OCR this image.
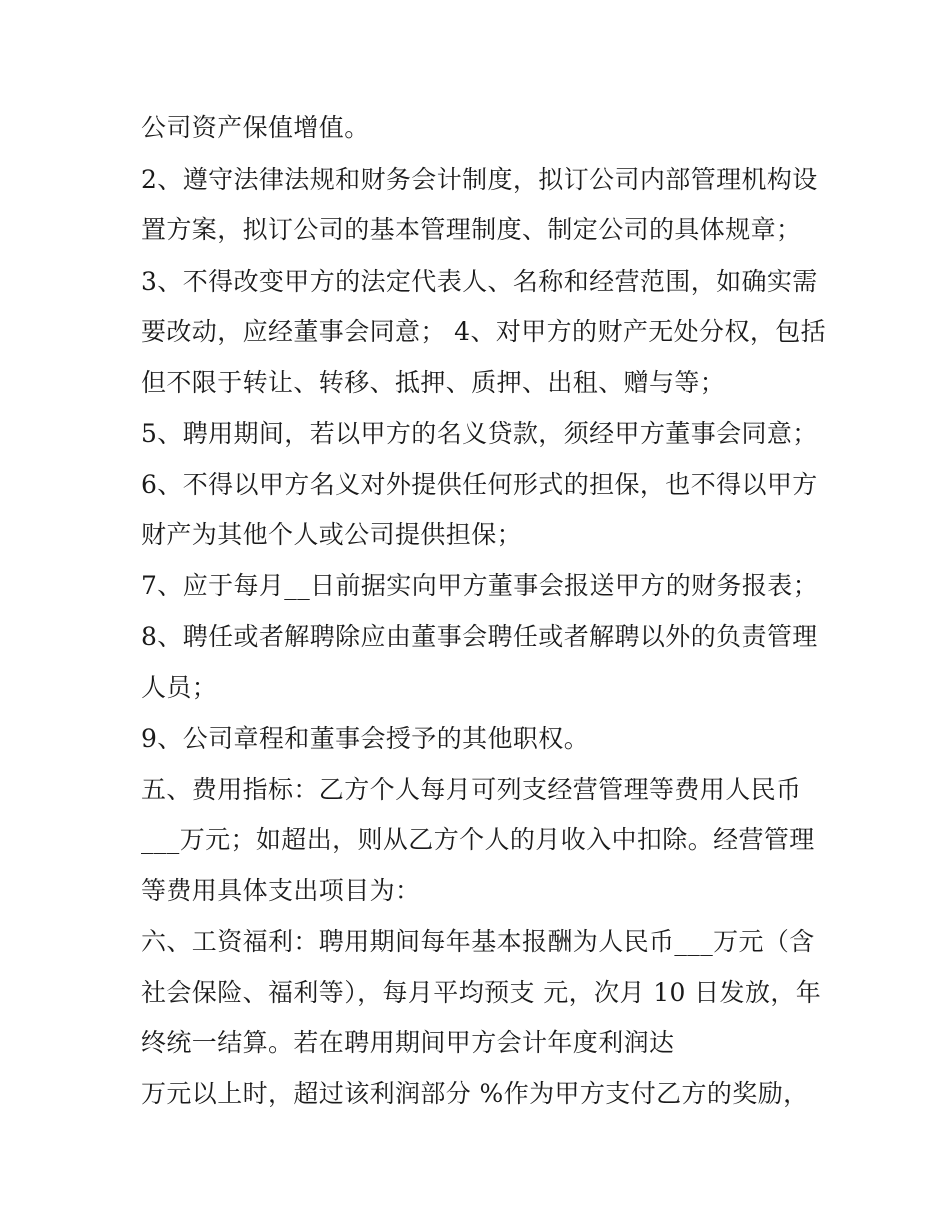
公司资产保值增值。
2、遵守法律法规和财务会计制度，拟订公司内部管理机构设
置方案，拟订公司的基本管理制度、制定公司的具体规章；
3、不得改变甲方的法定代表人、名称和经营范围，如确实需
要改动，应经董事会同意； 4、对甲方的财产无处分权，包括
但不限于转让、转移、抵押、质押、出租、赠与等；
5、聘用期间，若以甲方的名义贷款，须经甲方董事会同意；
6、不得以甲方名义对外提供任何形式的担保，也不得以甲方
财产为其他个人或公司提供担保；
7、应于每月__日前据实向甲方董事会报送甲方的财务报表；
8、聘任或者解聘除应由董事会聘任或者解聘以外的负责管理
人员；
9、公司章程和董事会授予的其他职权。
五、费用指标：乙方个人每月可列支经营管理等费用人民币
___万元；如超出，则从乙方个人的月收入中扣除。经营管理
等费用具体支出项目为：
六、工资福利：聘用期间每年基本报酬为人民币___万元（含
社会保险、福利等），每月平均预支 元，次月 10 日发放，年
终统一结算。若在聘用期间甲方会计年度利润达
万元以上时，超过该利润部分 %作为甲方支付乙方的奖励，
